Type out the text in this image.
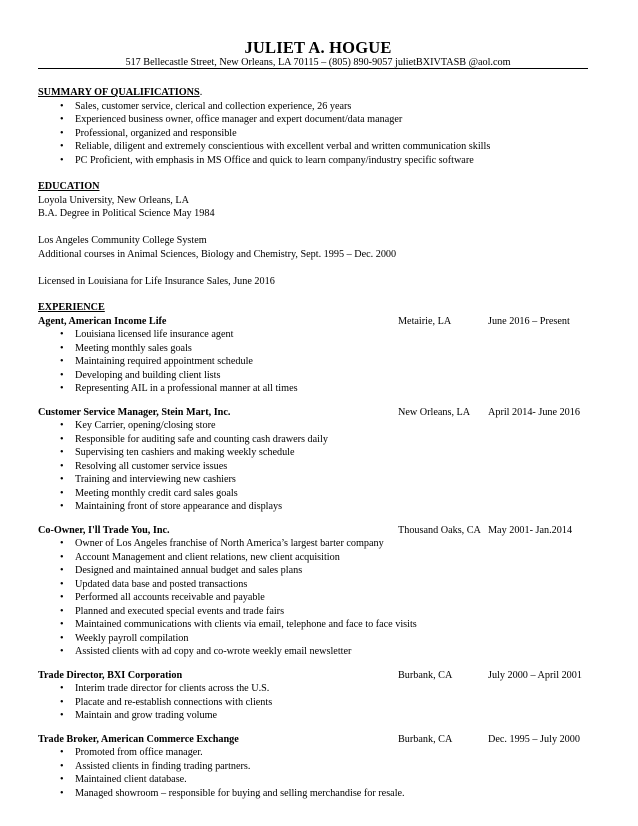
JULIET A. HOGUE
517 Bellecastle Street, New Orleans, LA 70115 – (805) 890-9057 julietBXIVTASB @aol.com
SUMMARY OF QUALIFICATIONS.
• Sales, customer service, clerical and collection experience, 26 years
• Experienced business owner, office manager and expert document/data manager
• Professional, organized and responsible
• Reliable, diligent and extremely conscientious with excellent verbal and written communication skills
• PC Proficient, with emphasis in MS Office and quick to learn company/industry specific software
EDUCATION
Loyola University, New Orleans, LA
B.A. Degree in Political Science May 1984
Los Angeles Community College System
Additional courses in Animal Sciences, Biology and Chemistry, Sept. 1995 – Dec. 2000
Licensed in Louisiana for Life Insurance Sales, June 2016
EXPERIENCE
Agent, American Income Life	Metairie, LA	June 2016 – Present
• Louisiana licensed life insurance agent
• Meeting monthly sales goals
• Maintaining required appointment schedule
• Developing and building client lists
• Representing AIL in a professional manner at all times
Customer Service Manager, Stein Mart, Inc.	New Orleans, LA	April 2014- June 2016
• Key Carrier, opening/closing store
• Responsible for auditing safe and counting cash drawers daily
• Supervising ten cashiers and making weekly schedule
• Resolving all customer service issues
• Training and interviewing new cashiers
• Meeting monthly credit card sales goals
• Maintaining front of store appearance and displays
Co-Owner, I'll Trade You, Inc.	Thousand Oaks, CA May 2001- Jan.2014
• Owner of Los Angeles franchise of North America’s largest barter company
• Account Management and client relations, new client acquisition
• Designed and maintained annual budget and sales plans
• Updated data base and posted transactions
• Performed all accounts receivable and payable
• Planned and executed special events and trade fairs
• Maintained communications with clients via email, telephone and face to face visits
• Weekly payroll compilation
• Assisted clients with ad copy and co-wrote weekly email newsletter
Trade Director, BXI Corporation	Burbank, CA	July 2000 – April 2001
• Interim trade director for clients across the U.S.
• Placate and re-establish connections with clients
• Maintain and grow trading volume
Trade Broker, American Commerce Exchange	Burbank, CA	Dec. 1995 – July 2000
• Promoted from office manager.
• Assisted clients in finding trading partners.
• Maintained client database.
• Managed showroom – responsible for buying and selling merchandise for resale.
